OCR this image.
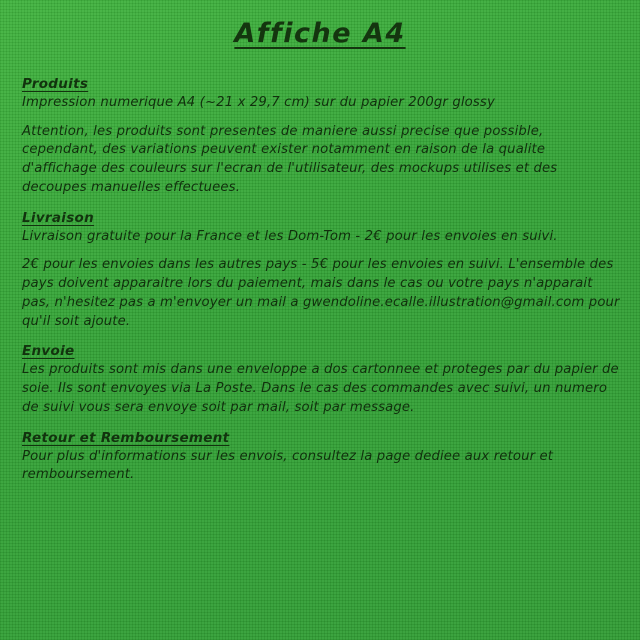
Affiche A4
Produits

Impression numerique A4 (~21 x 29,7 cm) sur du papier 200gr glossy

Attention, les produits sont presentes de maniere aussi precise que possible, cependant, des variations peuvent exister notamment en raison de la qualite d'affichage des couleurs sur l'ecran de l'utilisateur, des mockups utilises et des decoupes manuelles effectuees.

Livraison

Livraison gratuite pour la France et les Dom-Tom - 2€ pour les envoies en suivi.

2€ pour les envoies dans les autres pays - 5€ pour les envoies en suivi. L'ensemble des pays doivent apparaitre lors du paiement, mais dans le cas ou votre pays n'apparait pas, n'hesitez pas a m'envoyer un mail a gwendoline.ecalle.illustration@gmail.com pour qu'il soit ajoute.

Envoie

Les produits sont mis dans une enveloppe a dos cartonnee et proteges par du papier de soie. Ils sont envoyes via La Poste. Dans le cas des commandes avec suivi, un numero de suivi vous sera envoye soit par mail, soit par message.

Retour et Remboursement

Pour plus d'informations sur les envois, consultez la page dediee aux retour et remboursement.
